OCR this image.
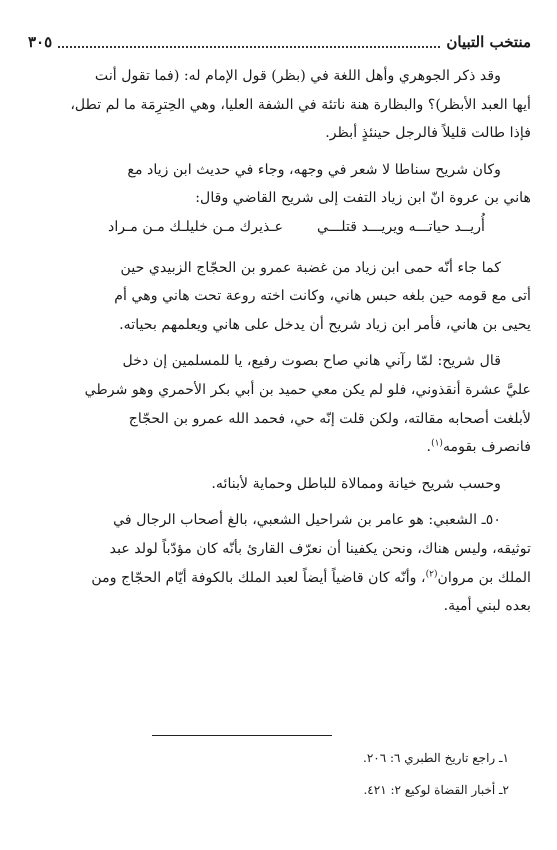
منتخب التبيان
٣٠٥
وقد ذكر الجوهري وأهل اللغة في (بظر) قول الإمام له: (فما تقول أنت
أيها العبد الأبظر)؟ والبظارة هنة ناتئة في الشفة العليا، وهي الحِترِمَة ما لم تطل،
فإذا طالت قليلاً فالرجل حينئذٍ أبظر.
وكان شريح سناطا لا شعر في وجهه، وجاء في حديث ابن زياد مع
هاني بن عروة انّ ابن زياد التفت إلى شريح القاضي وقال:
أُريــد حياتـــه ويريـــد قتلـــي
عـذيرك مـن خليلـك مـن مـراد
كما جاء أنّه حمى ابن زياد من غضبة عمرو بن الحجّاج الزبيدي حين
أتى مع قومه حين بلغه حبس هاني، وكانت اخته روعة تحت هاني وهي أم
يحيى بن هاني، فأمر ابن زياد شريح أن يدخل على هاني ويعلمهم بحياته.
قال شريح: لمّا رآني هاني صاح بصوت رفيع، يا للمسلمين إن دخل
عليَّ عشرة أنقذوني، فلو لم يكن معي حميد بن أبي بكر الأحمري وهو شرطي
لأبلغت أصحابه مقالته، ولكن قلت إنّه حي، فحمد الله عمرو بن الحجّاج
فانصرف بقومه$^{(١)}$.
وحسب شريح خيانة وممالاة للباطل وحماية لأبنائه.
٥٠ـ الشعبي: هو عامر بن شراحيل الشعبي، بالغ أصحاب الرجال في
توثيقه، وليس هناك، ونحن يكفينا أن نعرّف القارئ بأنّه كان مؤدّباً لولد عبد
الملك بن مروان$^{(٢)}$، وأنّه كان قاضياً أيضاً لعبد الملك بالكوفة أيّام الحجّاج ومن
بعده لبني أمية.
١ـ راجع تاريخ الطبري ٦: ٢٠٦.
٢ـ أخبار القضاة لوكيع ٢: ٤٢١.
